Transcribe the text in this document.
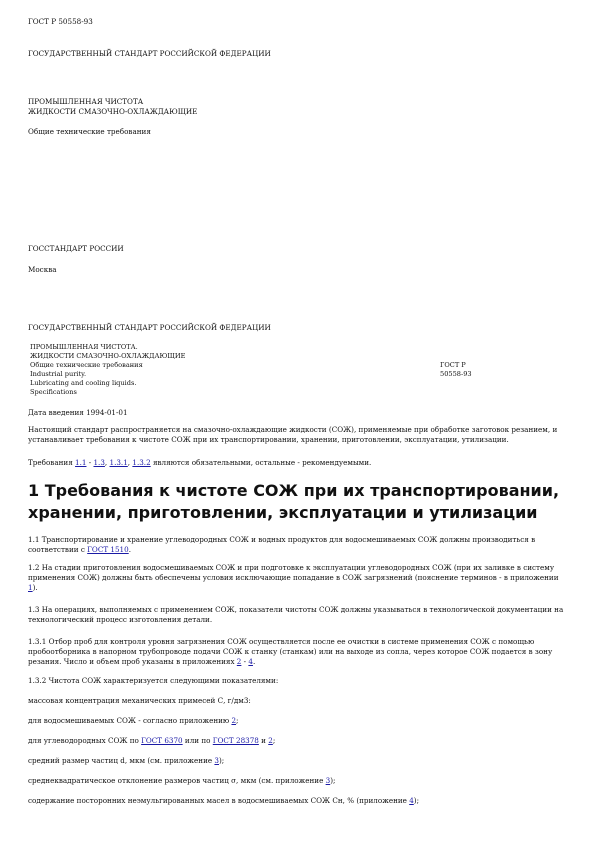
ГОСТ Р 50558-93
ГОСУДАРСТВЕННЫЙ СТАНДАРТ РОССИЙСКОЙ ФЕДЕРАЦИИ
ПРОМЫШЛЕННАЯ ЧИСТОТА
ЖИДКОСТИ СМАЗОЧНО-ОХЛАЖДАЮЩИЕ
Общие технические требования
ГОССТАНДАРТ РОССИИ
Москва
ГОСУДАРСТВЕННЫЙ СТАНДАРТ РОССИЙСКОЙ ФЕДЕРАЦИИ
ПРОМЫШЛЕННАЯ ЧИСТОТА.
ЖИДКОСТИ СМАЗОЧНО-ОХЛАЖДАЮЩИЕ
Общие технические требования
Industrial purity.
Lubricating and cooling liquids.
Specifications
ГОСТ Р
50558-93
Дата введения 1994-01-01
Настоящий стандарт распространяется на смазочно-охлаждающие жидкости (СОЖ), применяемые при обработке заготовок резанием, и устанавливает требования к чистоте СОЖ при их транспортировании, хранении, приготовлении, эксплуатации, утилизации.
Требования 1.1 - 1.3, 1.3.1, 1.3.2 являются обязательными, остальные - рекомендуемыми.
1 Требования к чистоте СОЖ при их транспортировании, хранении, приготовлении, эксплуатации и утилизации
1.1 Транспортирование и хранение углеводородных СОЖ и водных продуктов для водосмешиваемых СОЖ должны производиться в соответствии с ГОСТ 1510.
1.2 На стадии приготовления водосмешиваемых СОЖ и при подготовке к эксплуатации углеводородных СОЖ (при их заливке в систему применения СОЖ) должны быть обеспечены условия исключающие попадание в СОЖ загрязнений (пояснение терминов - в приложении 1).
1.3 На операциях, выполняемых с применением СОЖ, показатели чистоты СОЖ должны указываться в технологической документации на технологический процесс изготовления детали.
1.3.1 Отбор проб для контроля уровня загрязнения СОЖ осуществляется после ее очистки в системе применения СОЖ с помощью пробоотборника в напорном трубопроводе подачи СОЖ к станку (станкам) или на выходе из сопла, через которое СОЖ подается в зону резания. Число и объем проб указаны в приложениях 2 - 4.
1.3.2 Чистота СОЖ характеризуется следующими показателями:
массовая концентрация механических примесей С, г/дм3:
для водосмешиваемых СОЖ - согласно приложению 2;
для углеводородных СОЖ по ГОСТ 6370 или по ГОСТ 28378 и 2;
средний размер частиц d, мкм (см. приложение 3);
среднеквадратическое отклонение размеров частиц σ, мкм (см. приложение 3);
содержание посторонних неэмульгированных масел в водосмешиваемых СОЖ Сн, % (приложение 4);
